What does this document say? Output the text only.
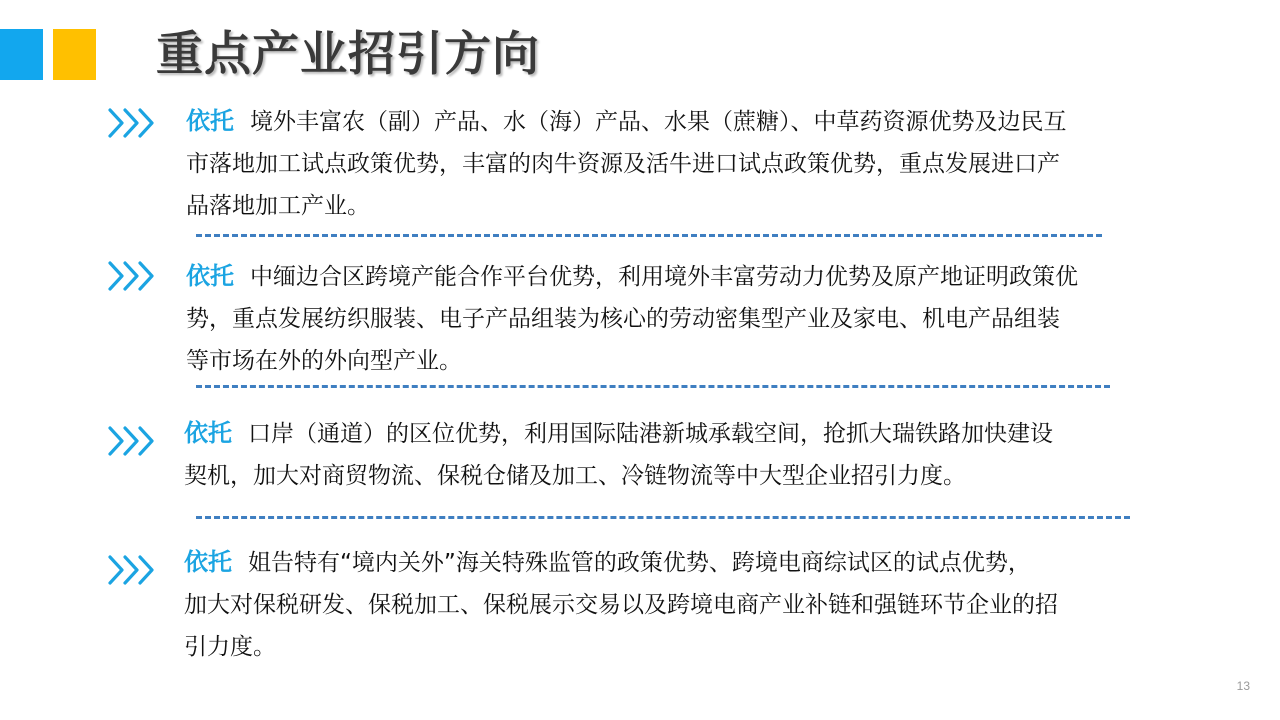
重点产业招引方向
依托 境外丰富农（副）产品、水（海）产品、水果（蔗糖）、中草药资源优势及边民互
市落地加工试点政策优势，丰富的肉牛资源及活牛进口试点政策优势，重点发展进口产
品落地加工产业。
依托 中缅边合区跨境产能合作平台优势，利用境外丰富劳动力优势及原产地证明政策优
势，重点发展纺织服装、电子产品组装为核心的劳动密集型产业及家电、机电产品组装
等市场在外的外向型产业。
依托 口岸（通道）的区位优势，利用国际陆港新城承载空间，抢抓大瑞铁路加快建设
契机，加大对商贸物流、保税仓储及加工、冷链物流等中大型企业招引力度。
依托 姐告特有“境内关外”海关特殊监管的政策优势、跨境电商综试区的试点优势，
加大对保税研发、保税加工、保税展示交易以及跨境电商产业补链和强链环节企业的招
引力度。
13
